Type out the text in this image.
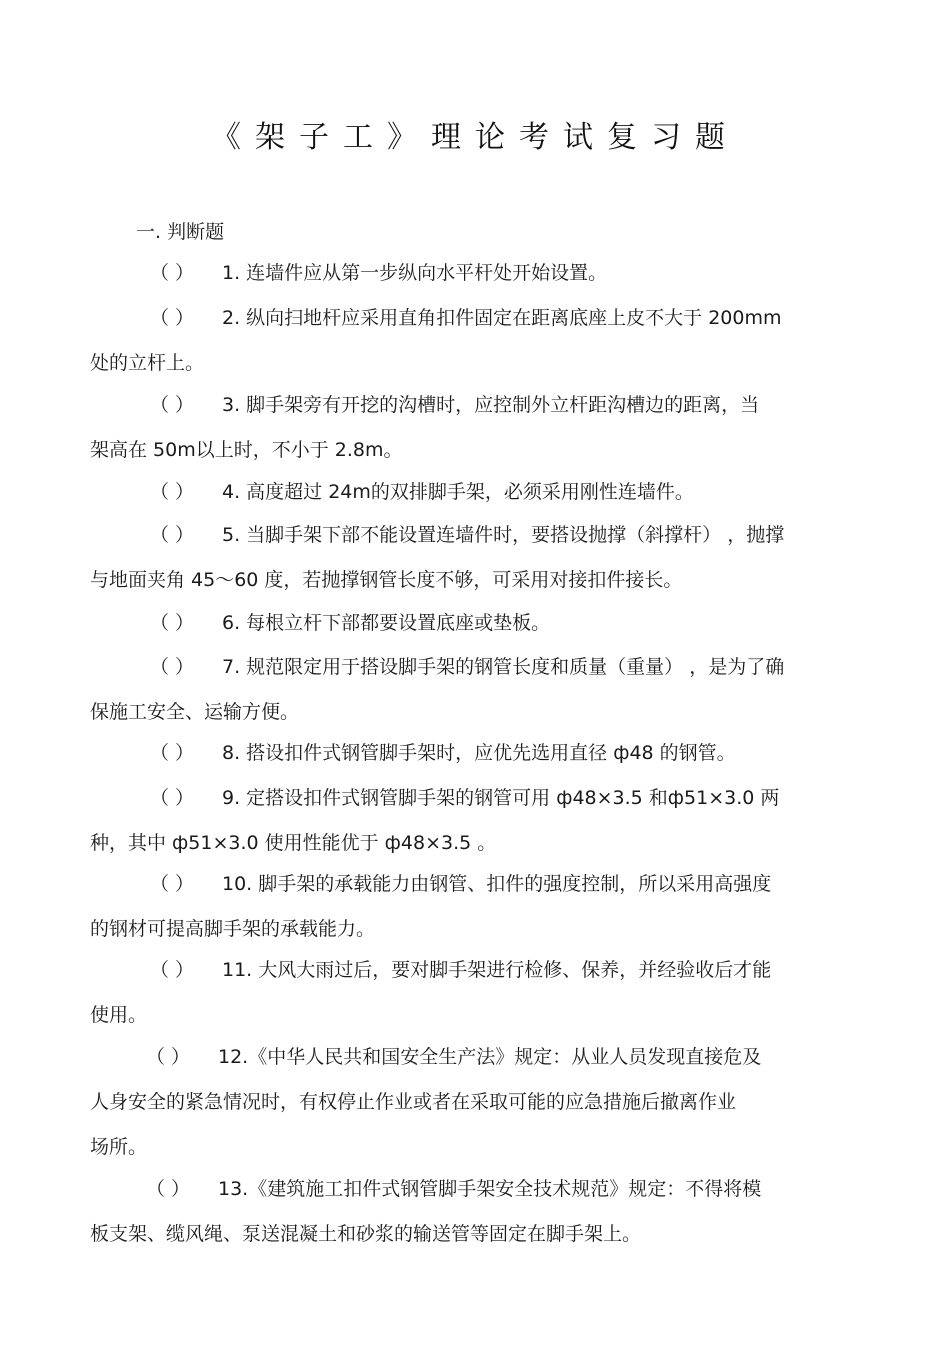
《架子工》理论考试复习题
一. 判断题
（ ） 1. 连墙件应从第一步纵向水平杆处开始设置。
（ ） 2. 纵向扫地杆应采用直角扣件固定在距离底座上皮不大于 200mm
处的立杆上。
（ ） 3. 脚手架旁有开挖的沟槽时，应控制外立杆距沟槽边的距离，当
架高在 50m以上时，不小于 2.8m。
（ ） 4. 高度超过 24m的双排脚手架，必须采用刚性连墙件。
（ ） 5. 当脚手架下部不能设置连墙件时，要搭设抛撑（斜撑杆） ，抛撑
与地面夹角 45～60 度，若抛撑钢管长度不够，可采用对接扣件接长。
（ ） 6. 每根立杆下部都要设置底座或垫板。
（ ） 7. 规范限定用于搭设脚手架的钢管长度和质量（重量） ，是为了确
保施工安全、运输方便。
（ ） 8. 搭设扣件式钢管脚手架时，应优先选用直径 ф48 的钢管。
（ ） 9. 定搭设扣件式钢管脚手架的钢管可用 ф48×3.5 和ф51×3.0 两
种，其中 ф51×3.0 使用性能优于 ф48×3.5 。
（ ） 10. 脚手架的承载能力由钢管、扣件的强度控制，所以采用高强度
的钢材可提高脚手架的承载能力。
（ ） 11. 大风大雨过后，要对脚手架进行检修、保养，并经验收后才能
使用。
（ ） 12.《中华人民共和国安全生产法》规定：从业人员发现直接危及
人身安全的紧急情况时，有权停止作业或者在采取可能的应急措施后撤离作业
场所。
（ ） 13.《建筑施工扣件式钢管脚手架安全技术规范》规定：不得将模
板支架、缆风绳、泵送混凝土和砂浆的输送管等固定在脚手架上。
